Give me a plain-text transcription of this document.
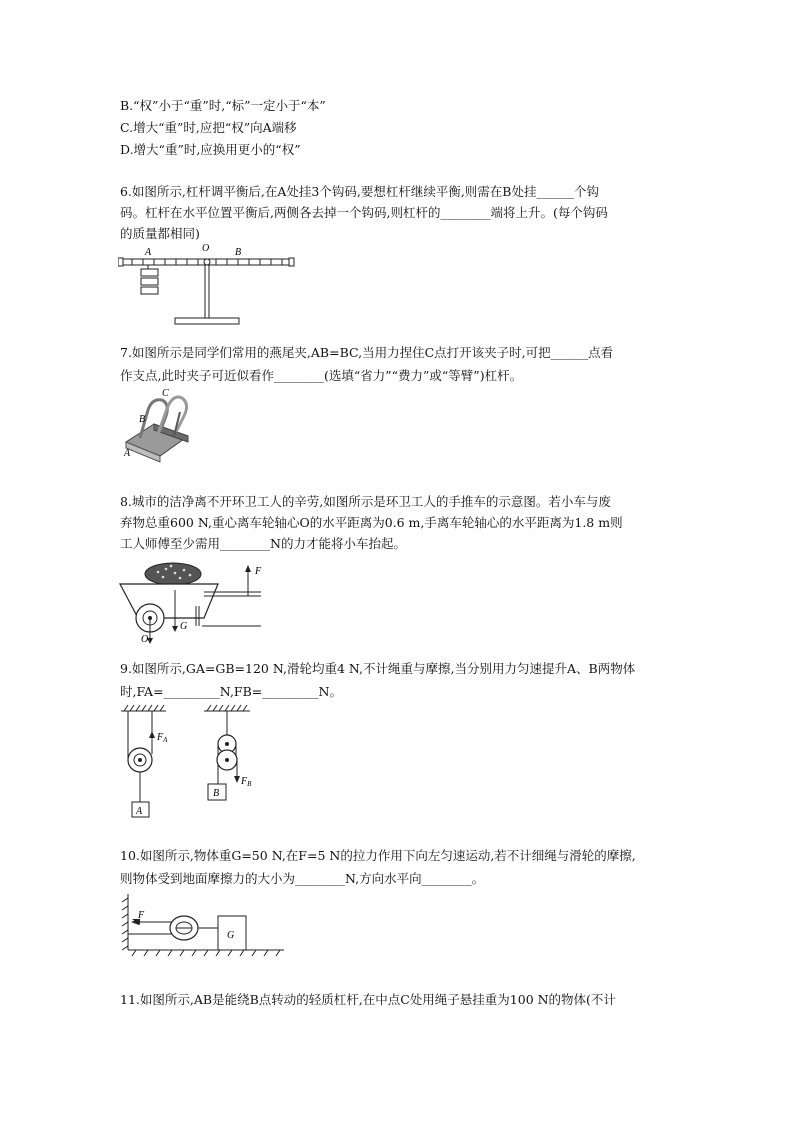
B.“权”小于“重”时,“标”一定小于“本”
C.增大“重”时,应把“权”向A端移
D.增大“重”时,应换用更小的“权”
6.如图所示,杠杆调平衡后,在A处挂3个钩码,要想杠杆继续平衡,则需在B处挂______个钩
码。杠杆在水平位置平衡后,两侧各去掉一个钩码,则杠杆的________端将上升。(每个钩码
的质量都相同)
A	O	B
7.如图所示是同学们常用的燕尾夹,AB=BC,当用力捏住C点打开该夹子时,可把______点看
作支点,此时夹子可近似看作________(选填“省力”“费力”或“等臂”)杠杆。
C
B
A
8.城市的洁净离不开环卫工人的辛劳,如图所示是环卫工人的手推车的示意图。若小车与废
弃物总重600 N,重心离车轮轴心O的水平距离为0.6 m,手离车轮轴心的水平距离为1.8 m则
工人师傅至少需用________N的力才能将小车抬起。
F
G
O
9.如图所示,GA=GB=120 N,滑轮均重4 N,不计绳重与摩擦,当分别用力匀速提升A、B两物体
时,FA=_________N,FB=_________N。
$F_A$
A
$F_B$
B
10.如图所示,物体重G=50 N,在F=5 N的拉力作用下向左匀速运动,若不计细绳与滑轮的摩擦,
则物体受到地面摩擦力的大小为________N,方向水平向________。
F
G
11.如图所示,AB是能绕B点转动的轻质杠杆,在中点C处用绳子悬挂重为100 N的物体(不计
